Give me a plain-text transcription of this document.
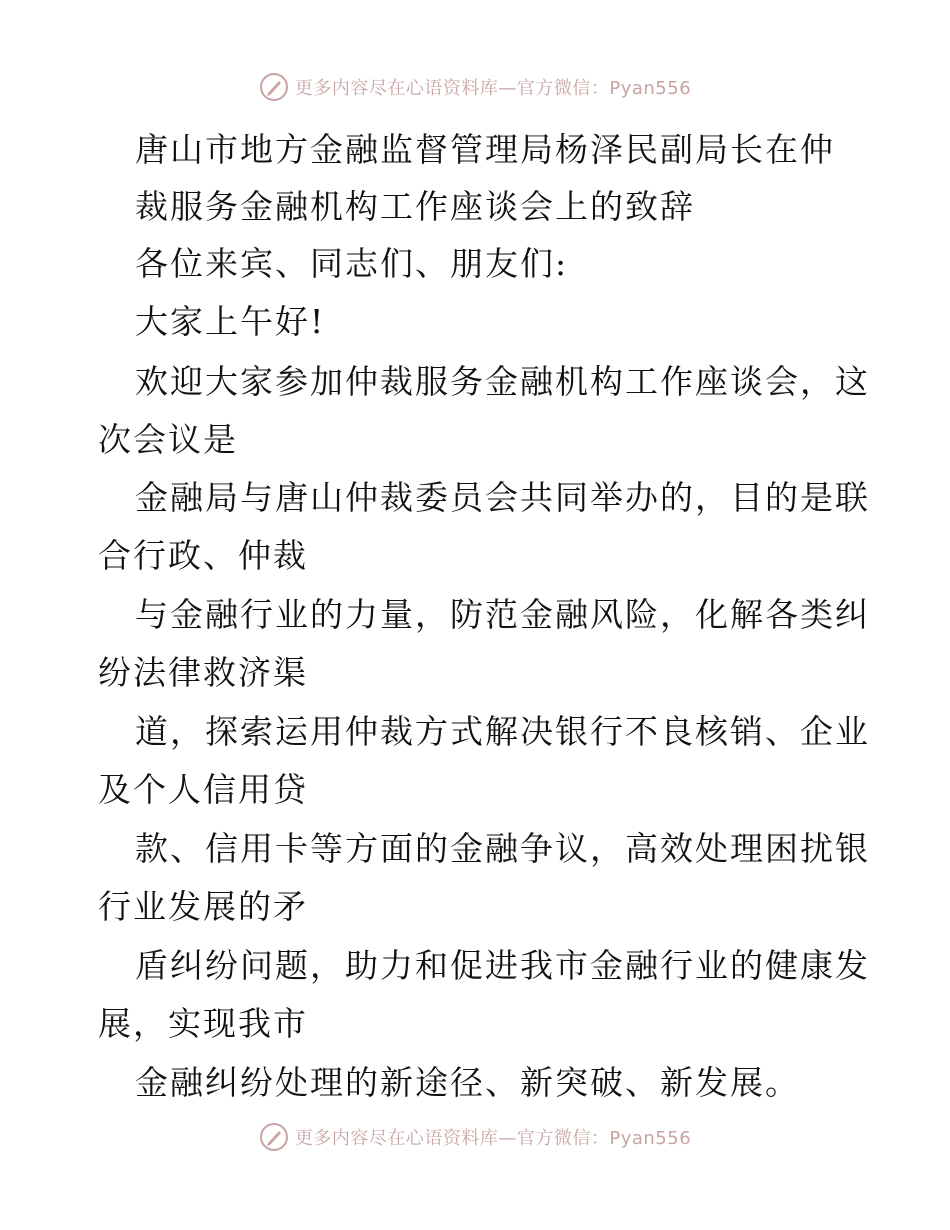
更多内容尽在心语资料库—官方微信：Pyan556
唐山市地方金融监督管理局杨泽民副局长在仲
裁服务金融机构工作座谈会上的致辞
各位来宾、同志们、朋友们:
大家上午好!
欢迎大家参加仲裁服务金融机构工作座谈会，这
次会议是
金融局与唐山仲裁委员会共同举办的，目的是联
合行政、仲裁
与金融行业的力量，防范金融风险，化解各类纠
纷法律救济渠
道，探索运用仲裁方式解决银行不良核销、企业
及个人信用贷
款、信用卡等方面的金融争议，高效处理困扰银
行业发展的矛
盾纠纷问题，助力和促进我市金融行业的健康发
展，实现我市
金融纠纷处理的新途径、新突破、新发展。
更多内容尽在心语资料库—官方微信：Pyan556
